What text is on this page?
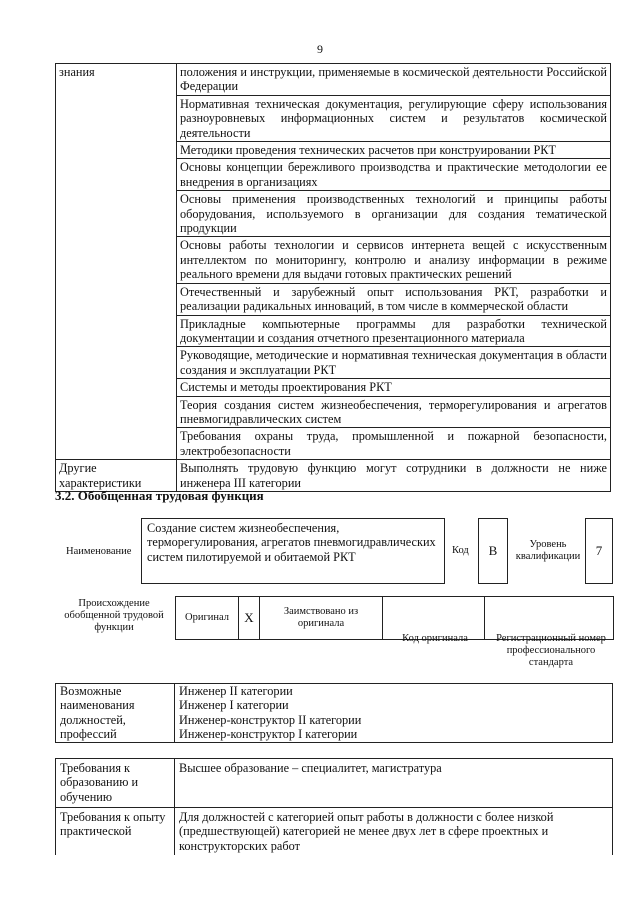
9
знания	положения и инструкции, применяемые в космической деятельности Российской Федерации
	Нормативная техническая документация, регулирующие сферу использования разноуровневых информационных систем и результатов космической деятельности
	Методики проведения технических расчетов при конструировании РКТ
	Основы концепции бережливого производства и практические методологии ее внедрения в организациях
	Основы применения производственных технологий и принципы работы оборудования, используемого в организации для создания тематической продукции
	Основы работы технологии и сервисов интернета вещей с искусственным интеллектом по мониторингу, контролю и анализу информации в режиме реального времени для выдачи готовых практических решений
	Отечественный и зарубежный опыт использования РКТ, разработки и реализации радикальных инноваций, в том числе в коммерческой области
	Прикладные компьютерные программы для разработки технической документации и создания отчетного презентационного материала
	Руководящие, методические и нормативная техническая документация в области создания и эксплуатации РКТ
	Системы и методы проектирования РКТ
	Теория создания систем жизнеобеспечения, терморегулирования и агрегатов пневмогидравлических систем
	Требования охраны труда, промышленной и пожарной безопасности, электробезопасности
Другие характеристики	Выполнять трудовую функцию могут сотрудники в должности не ниже инженера III категории
3.2. Обобщенная трудовая функция
Наименование
Создание систем жизнеобеспечения, терморегулирования, агрегатов пневмогидравлических систем пилотируемой и обитаемой РКТ	Код	B	Уровень квалификации	7
Происхождение обобщенной трудовой функции
Оригинал	X	Заимствовано из оригинала
Код оригинала	Регистрационный номер профессионального стандарта
Возможные наименования должностей, профессий	Инженер II категории
Инженер I категории
Инженер-конструктор II категории
Инженер-конструктор I категории
Требования к образованию и обучению	Высшее образование – специалитет, магистратура
Требования к опыту практической	Для должностей с категорией опыт работы в должности с более низкой (предшествующей) категорией не менее двух лет в сфере проектных и конструкторских работ
